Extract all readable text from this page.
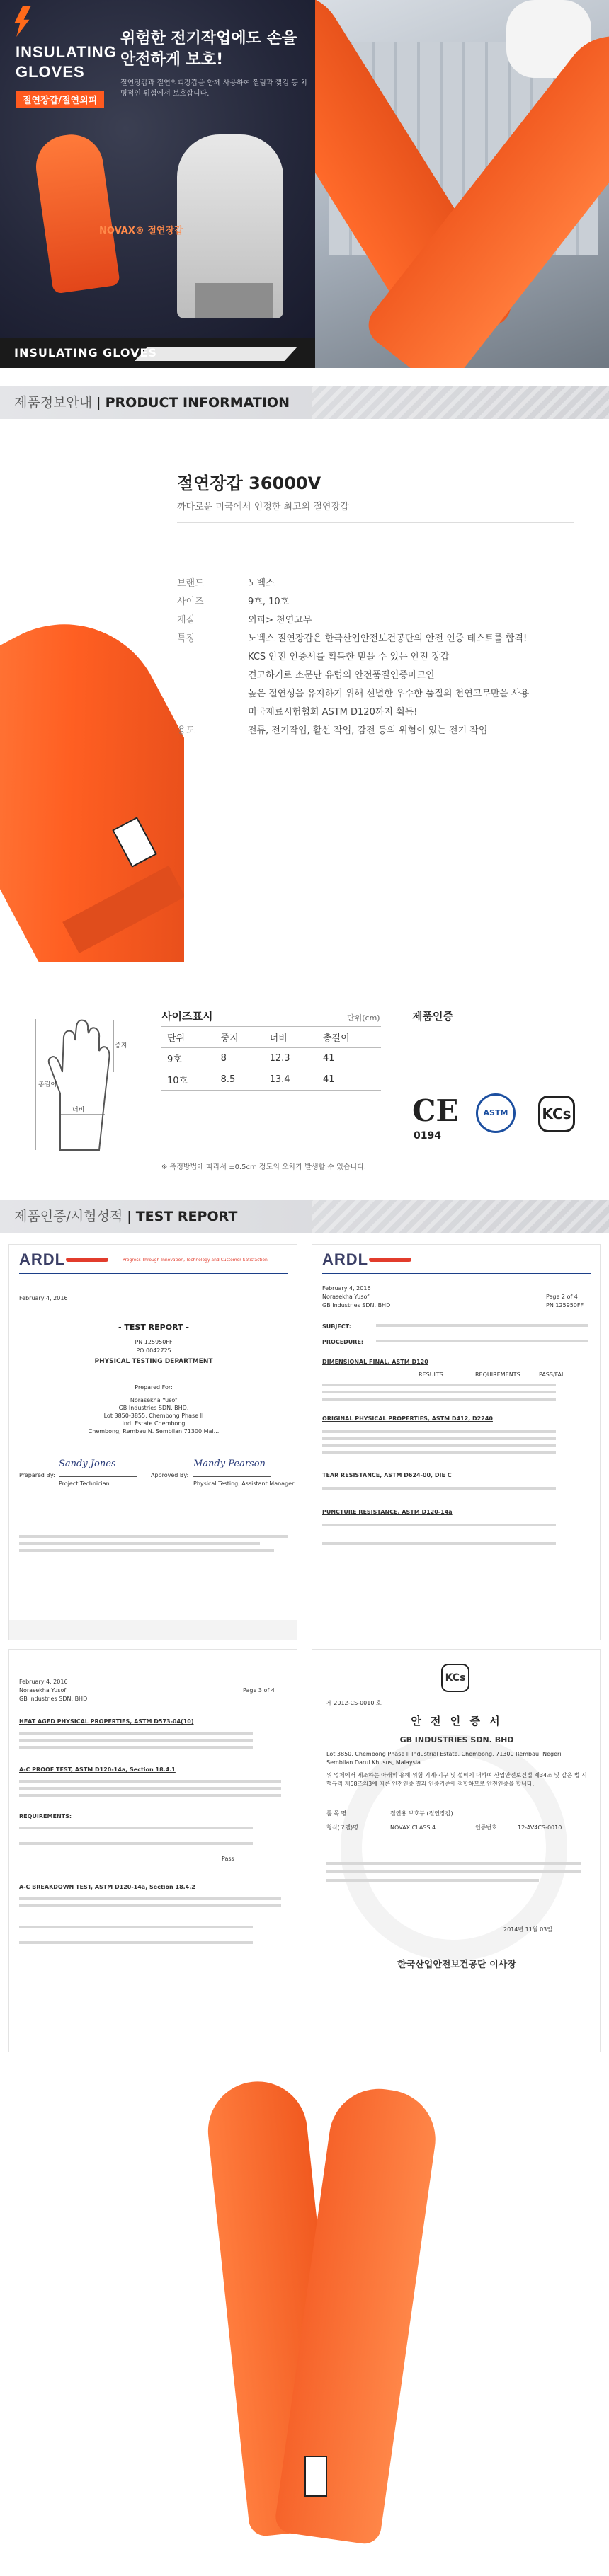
INSULATING
GLOVES
절연장갑/절연외피
위험한 전기작업에도 손을 안전하게 보호!
절연장갑과 절연외피장갑을 함께 사용하여 찔림과 찢김 등 치명적인 위험에서 보호합니다.
NOVAX® 절연장갑
INSULATING GLOVES
제품정보안내 | PRODUCT INFORMATION
절연장갑 36000V
까다로운 미국에서 인정한 최고의 절연장갑
브랜드	노벡스
사이즈	9호, 10호
재질	외피> 천연고무
특징	노벡스 절연장갑은 한국산업안전보건공단의 안전 인증 테스트를 합격!
KCS 안전 인증서를 획득한 믿을 수 있는 안전 장갑
견고하기로 소문난 유럽의 안전품질인증마크인
높은 절연성을 유지하기 위해 선별한 우수한 품질의 천연고무만을 사용
미국재료시험협회 ASTM D120까지 획득!
용도	전류, 전기작업, 활선 작업, 감전 등의 위험이 있는 전기 작업
총길이
중지
너비
사이즈표시	단위(cm)
단위	중지	너비	총길이
9호	8	12.3	41
10호	8.5	13.4	41
※ 측정방법에 따라서 ±0.5cm 정도의 오차가 발생할 수 있습니다.
제품인증
CE
0194
ASTM	KCs
제품인증/시험성적 | TEST REPORT
ARDL	Progress Through Innovation, Technology and Customer Satisfaction
February 4, 2016
- TEST REPORT -
PN 125950FF
PO 0042725
PHYSICAL TESTING DEPARTMENT
Prepared For:
Norasekha Yusof
GB Industries SDN. BHD.
Lot 3850-3855, Chembong Phase II
Ind. Estate Chembong
Chembong, Rembau N. Sembilan 71300 Mal...
Prepared By:
Sandy Jones
Project Technician
Approved By:
Mandy Pearson
Physical Testing, Assistant Manager
ARDL
February 4, 2016
Norasekha Yusof
GB Industries SDN. BHD
Page 2 of 4
PN 125950FF
SUBJECT:
PROCEDURE:
DIMENSIONAL FINAL, ASTM D120
RESULTS	REQUIREMENTS	PASS/FAIL
ORIGINAL PHYSICAL PROPERTIES, ASTM D412, D2240
TEAR RESISTANCE, ASTM D624-00, DIE C
PUNCTURE RESISTANCE, ASTM D120-14a
February 4, 2016
Norasekha Yusof
GB Industries SDN. BHD
Page 3 of 4
HEAT AGED PHYSICAL PROPERTIES, ASTM D573-04(10)
A-C PROOF TEST, ASTM D120-14a, Section 18.4.1
REQUIREMENTS:
Pass
A-C BREAKDOWN TEST, ASTM D120-14a, Section 18.4.2
KCs
제 2012-CS-0010 호
안 전 인 증 서
GB INDUSTRIES SDN. BHD
Lot 3850, Chembong Phase II Industrial Estate, Chembong, 71300 Rembau, Negeri Sembilan Darul Khusus, Malaysia
위 업체에서 제조하는 아래의 유해·위험 기계·기구 및 설비에 대하여 산업안전보건법 제34조 및 같은 법 시행규칙 제58조의3에 따른 안전인증 결과 인증기준에 적합하므로 안전인증을 합니다.
품 목 명	절연용 보호구 (절연장갑)
형식(모델)명	NOVAX CLASS 4	인증번호	12-AV4CS-0010
2014년 11월 03일
한국산업안전보건공단 이사장
